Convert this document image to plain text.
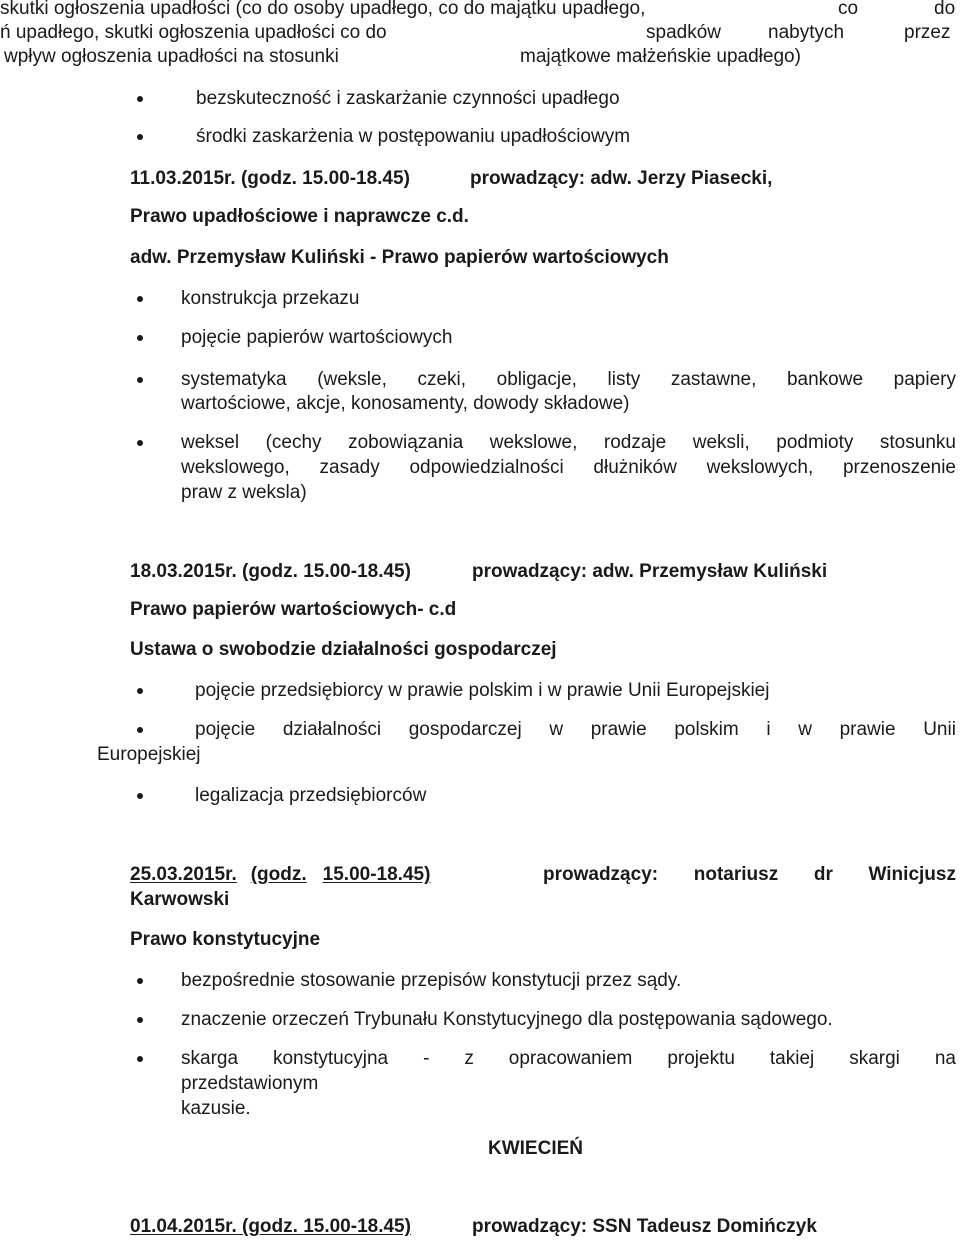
skutki ogłoszenia upadłości (co do osoby upadłego, co do majątku upadłego,	co	do
ń upadłego, skutki ogłoszenia upadłości co do	spadków nabytych	przez
wpływ ogłoszenia upadłości na stosunki	majątkowe małżeńskie upadłego)
bezskuteczność i zaskarżanie czynności upadłego
środki zaskarżenia w postępowaniu upadłościowym
11.03.2015r. (godz. 15.00-18.45)	prowadzący: adw. Jerzy Piasecki,
Prawo upadłościowe i naprawcze c.d.
adw. Przemysław Kuliński - Prawo papierów wartościowych
konstrukcja przekazu
pojęcie papierów wartościowych
systematyka (weksle, czeki, obligacje, listy zastawne, bankowe papiery
wartościowe, akcje, konosamenty, dowody składowe)
weksel (cechy zobowiązania wekslowe, rodzaje weksli, podmioty stosunku
wekslowego, zasady odpowiedzialności dłużników wekslowych, przenoszenie
praw z weksla)
18.03.2015r. (godz. 15.00-18.45)	prowadzący: adw. Przemysław Kuliński
Prawo papierów wartościowych- c.d
Ustawa o swobodzie działalności gospodarczej
pojęcie przedsiębiorcy w prawie polskim i w prawie Unii Europejskiej
pojęcie działalności gospodarczej w prawie polskim i w prawie Unii
Europejskiej
legalizacja przedsiębiorców
25.03.2015r. (godz. 15.00-18.45)	prowadzący: notariusz dr Winicjusz
Karwowski
Prawo konstytucyjne
bezpośrednie stosowanie przepisów konstytucji przez sądy.
znaczenie orzeczeń Trybunału Konstytucyjnego dla postępowania sądowego.
skarga konstytucyjna - z opracowaniem projektu takiej skargi na
przedstawionym
kazusie.
KWIECIEŃ
01.04.2015r. (godz. 15.00-18.45)	prowadzący: SSN Tadeusz Domińczyk
